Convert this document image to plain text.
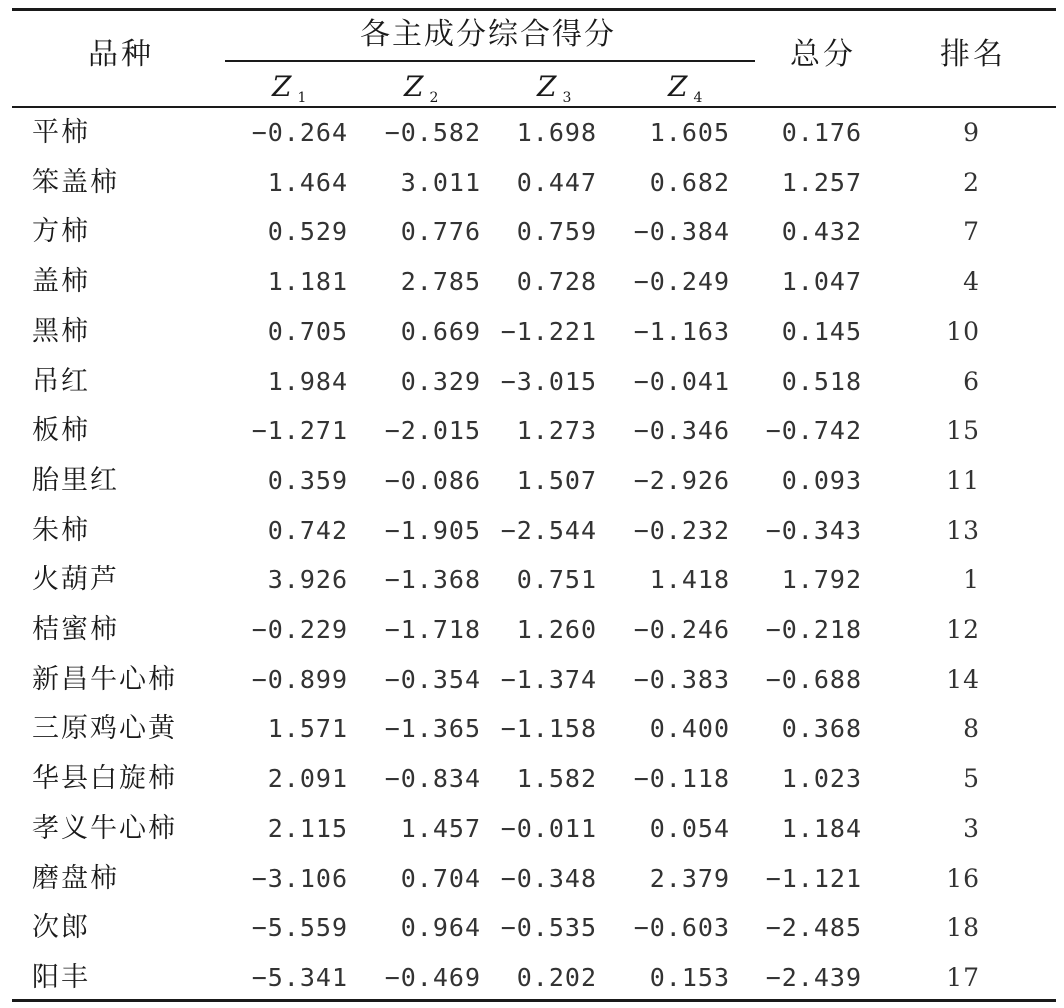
品种
各主成分综合得分
总分	排名
Z $_1$	Z $_2$	Z $_3$	Z $_4$
平柿	−0.264 −0.582 1.698 1.605 0.176	9
笨盖柿	1.464 3.011 0.447 0.682 1.257	2
方柿	0.529 0.776 0.759 −0.384 0.432	7
盖柿	1.181 2.785 0.728 −0.249 1.047	4
黑柿	0.705 0.669 −1.221 −1.163 0.145	10
吊红	1.984 0.329 −3.015 −0.041 0.518	6
板柿	−1.271 −2.015 1.273 −0.346 −0.742	15
胎里红	0.359 −0.086 1.507 −2.926 0.093	11
朱柿	0.742 −1.905 −2.544 −0.232 −0.343	13
火葫芦	3.926 −1.368 0.751 1.418 1.792	1
桔蜜柿	−0.229 −1.718 1.260 −0.246 −0.218	12
新昌牛心柿	−0.899 −0.354 −1.374 −0.383 −0.688	14
三原鸡心黄	1.571 −1.365 −1.158 0.400 0.368	8
华县白旋柿	2.091 −0.834 1.582 −0.118 1.023	5
孝义牛心柿	2.115 1.457 −0.011 0.054 1.184	3
磨盘柿	−3.106 0.704 −0.348 2.379 −1.121	16
次郎	−5.559 0.964 −0.535 −0.603 −2.485	18
阳丰	−5.341 −0.469 0.202 0.153 −2.439	17
